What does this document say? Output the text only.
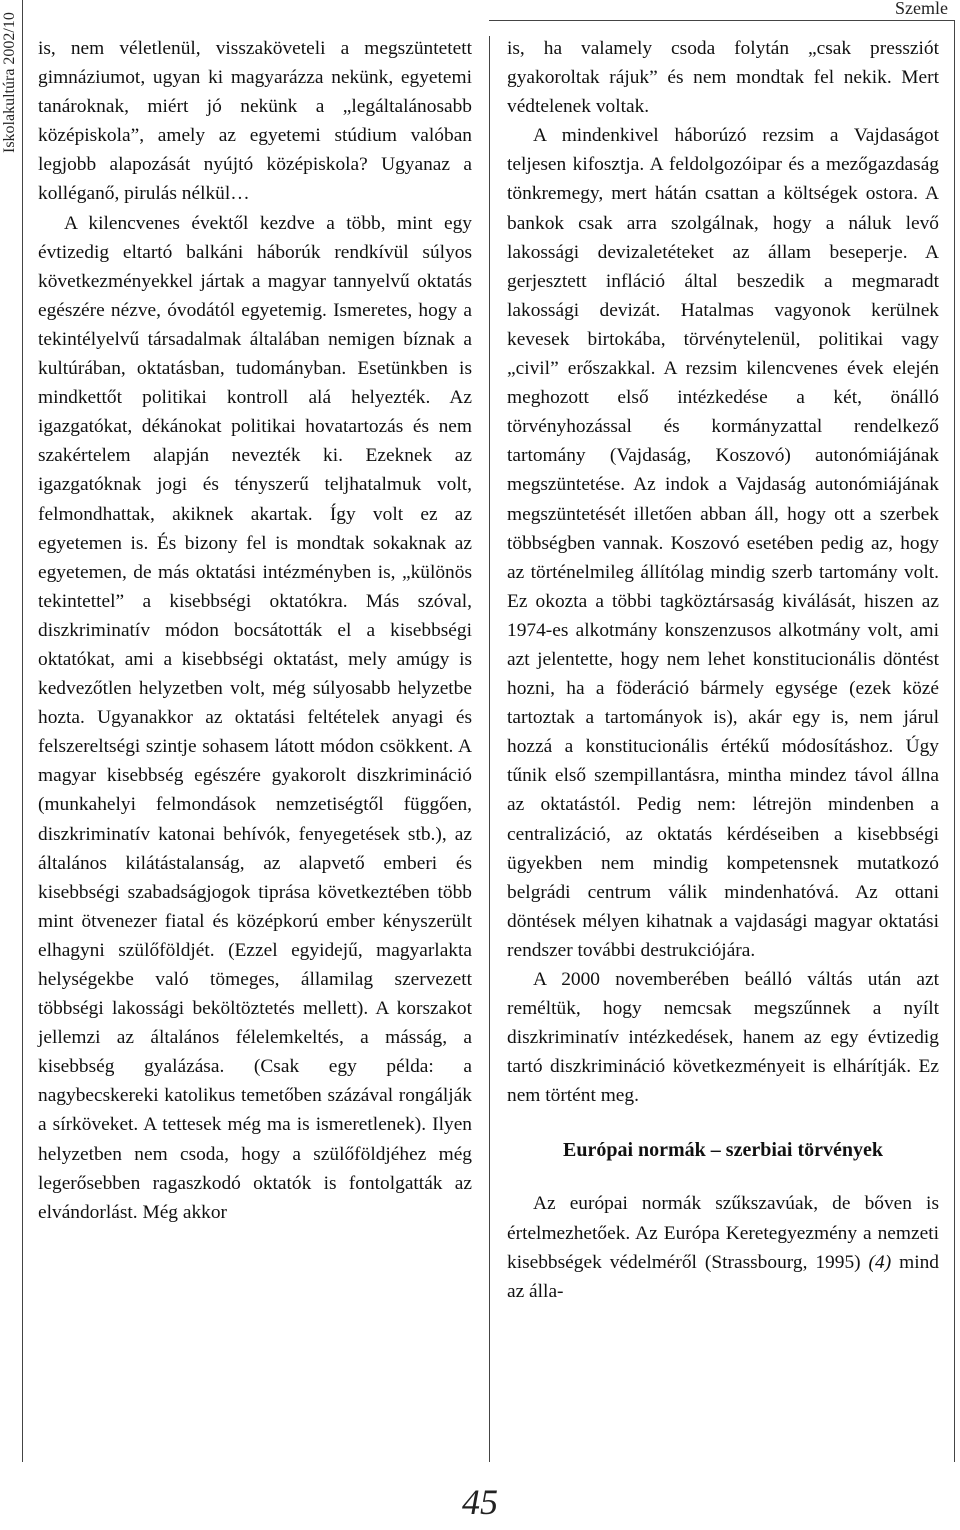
Iskolakultúra 2002/10
Szemle

is, nem véletlenül, visszaköveteli a megszüntetett gimnáziumot, ugyan ki magyarázza nekünk, egyetemi tanároknak, miért jó nekünk a „legáltalánosabb középiskola”, amely az egyetemi stúdium valóban legjobb alapozását nyújtó középiskola? Ugyanaz a kolléganő, pirulás nélkül…

A kilencvenes évektől kezdve a több, mint egy évtizedig eltartó balkáni háborúk rendkívül súlyos következményekkel jártak a magyar tannyelvű oktatás egészére nézve, óvodától egyetemig. Ismeretes, hogy a tekintélyelvű társadalmak általában nemigen bíznak a kultúrában, oktatásban, tudományban. Esetünkben is mindkettőt politikai kontroll alá helyezték. Az igazgatókat, dékánokat politikai hovatartozás és nem szakértelem alapján nevezték ki. Ezeknek az igazgatóknak jogi és tényszerű teljhatalmuk volt, felmondhattak, akiknek akartak. Így volt ez az egyetemen is. És bizony fel is mondtak sokaknak az egyetemen, de más oktatási intézményben is, „különös tekintettel” a kisebbségi oktatókra. Más szóval, diszkriminatív módon bocsátották el a kisebbségi oktatókat, ami a kisebbségi oktatást, mely amúgy is kedvezőtlen helyzetben volt, még súlyosabb helyzetbe hozta. Ugyanakkor az oktatási feltételek anyagi és felszereltségi szintje sohasem látott módon csökkent. A magyar kisebbség egészére gyakorolt diszkrimináció (munkahelyi felmondások nemzetiségtől függően, diszkriminatív katonai behívók, fenyegetések stb.), az általános kilátástalanság, az alapvető emberi és kisebbségi szabadságjogok tiprása következtében több mint ötvenezer fiatal és középkorú ember kényszerült elhagyni szülőföldjét. (Ezzel egyidejű, magyarlakta helységekbe való tömeges, államilag szervezett többségi lakossági beköltöztetés mellett). A korszakot jellemzi az általános félelemkeltés, a másság, a kisebbség gyalázása. (Csak egy példa: a nagybecskereki katolikus temetőben százával rongálják a sírköveket. A tettesek még ma is ismeretlenek). Ilyen helyzetben nem csoda, hogy a szülőföldjéhez még legerősebben ragaszkodó oktatók is fontolgatták az elvándorlást. Még akkor

is, ha valamely csoda folytán „csak pressziót gyakoroltak rájuk” és nem mondtak fel nekik. Mert védtelenek voltak.

A mindenkivel háborúzó rezsim a Vajdaságot teljesen kifosztja. A feldolgozóipar és a mezőgazdaság tönkremegy, mert hátán csattan a költségek ostora. A bankok csak arra szolgálnak, hogy a náluk levő lakossági devizaletéteket az állam beseperje. A gerjesztett infláció által beszedik a megmaradt lakossági devizát. Hatalmas vagyonok kerülnek kevesek birtokába, törvénytelenül, politikai vagy „civil” erőszakkal. A rezsim kilencvenes évek elején meghozott első intézkedése a két, önálló törvényhozással és kormányzattal rendelkező tartomány (Vajdaság, Koszovó) autonómiájának megszüntetése. Az indok a Vajdaság autonómiájának megszüntetését illetően abban áll, hogy ott a szerbek többségben vannak. Koszovó esetében pedig az, hogy az történelmileg állítólag mindig szerb tartomány volt. Ez okozta a többi tagköztársaság kiválását, hiszen az 1974-es alkotmány konszenzusos alkotmány volt, ami azt jelentette, hogy nem lehet konstitucionális döntést hozni, ha a föderáció bármely egysége (ezek közé tartoztak a tartományok is), akár egy is, nem járul hozzá a konstitucionális értékű módosításhoz. Úgy tűnik első szempillantásra, mintha mindez távol állna az oktatástól. Pedig nem: létrejön mindenben a centralizáció, az oktatás kérdéseiben a kisebbségi ügyekben nem mindig kompetensnek mutatkozó belgrádi centrum válik mindenhatóvá. Az ottani döntések mélyen kihatnak a vajdasági magyar oktatási rendszer további destrukciójára.

A 2000 novemberében beálló váltás után azt reméltük, hogy nemcsak megszűnnek a nyílt diszkriminatív intézkedések, hanem az egy évtizedig tartó diszkrimináció következményeit is elhárítják. Ez nem történt meg.

Európai normák – szerbiai törvények

Az európai normák szűkszavúak, de bőven is értelmezhetőek. Az Európa Keretegyezmény a nemzeti kisebbségek védelméről (Strassbourg, 1995) (4) mind az álla-

45
